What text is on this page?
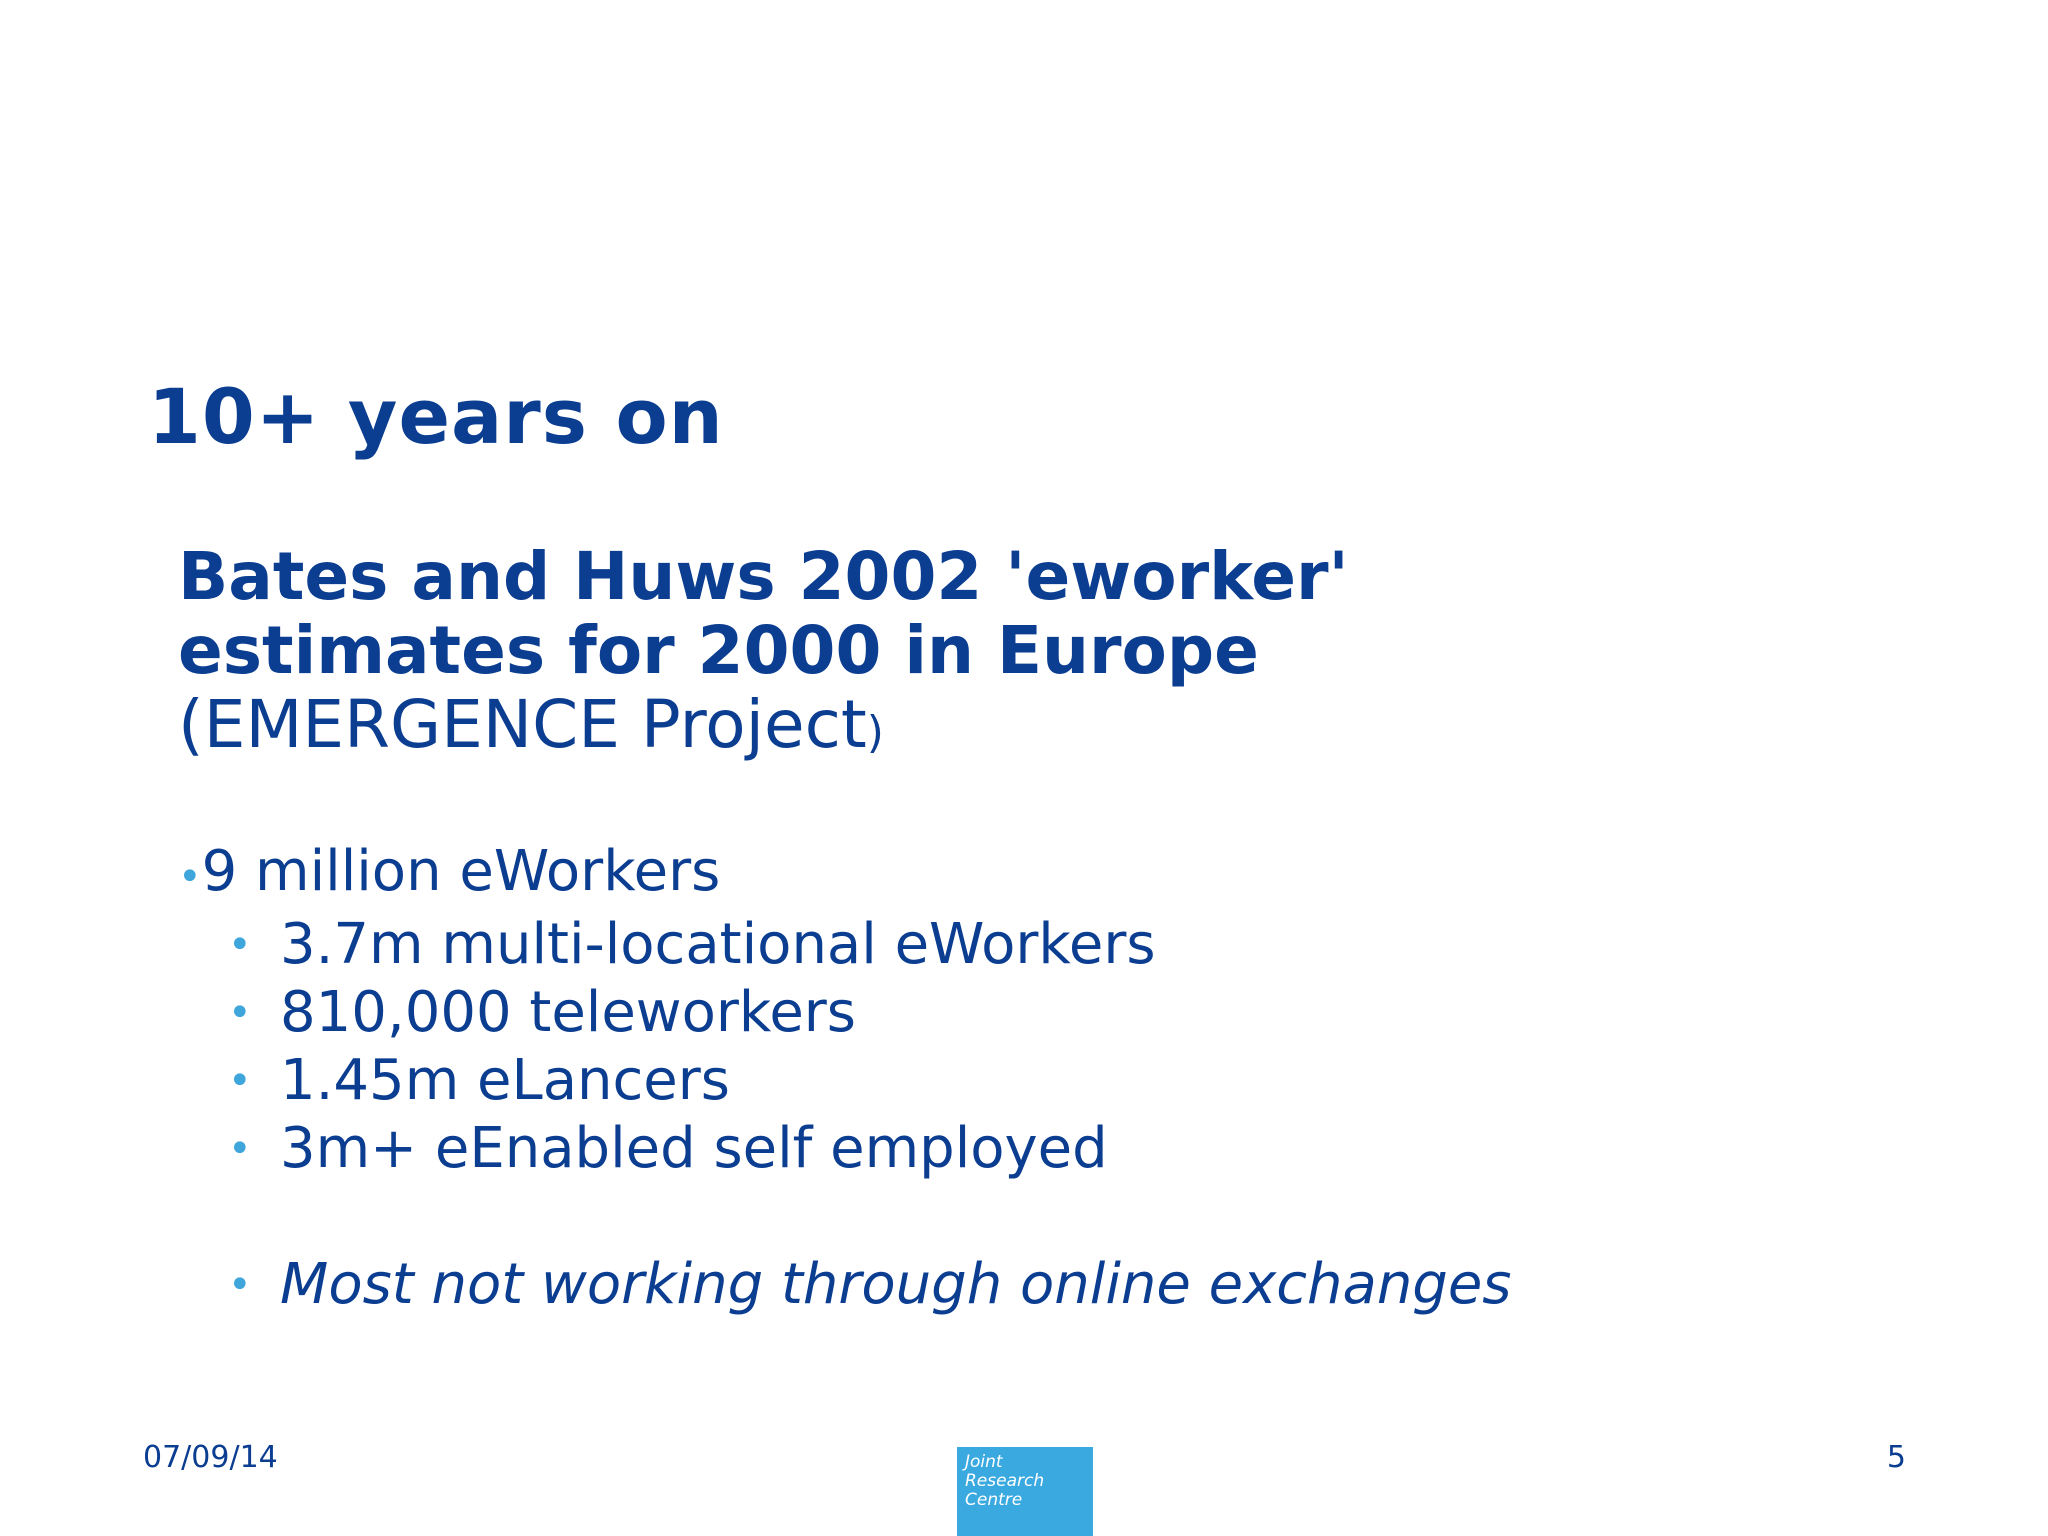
10+ years on
Bates and Huws 2002 'eworker'
estimates for 2000 in Europe
(EMERGENCE Project)
•9 million eWorkers
• 3.7m multi-locational eWorkers
• 810,000 teleworkers
• 1.45m eLancers
• 3m+ eEnabled self employed
• Most not working through online exchanges
07/09/14	Joint
Research
Centre
5
